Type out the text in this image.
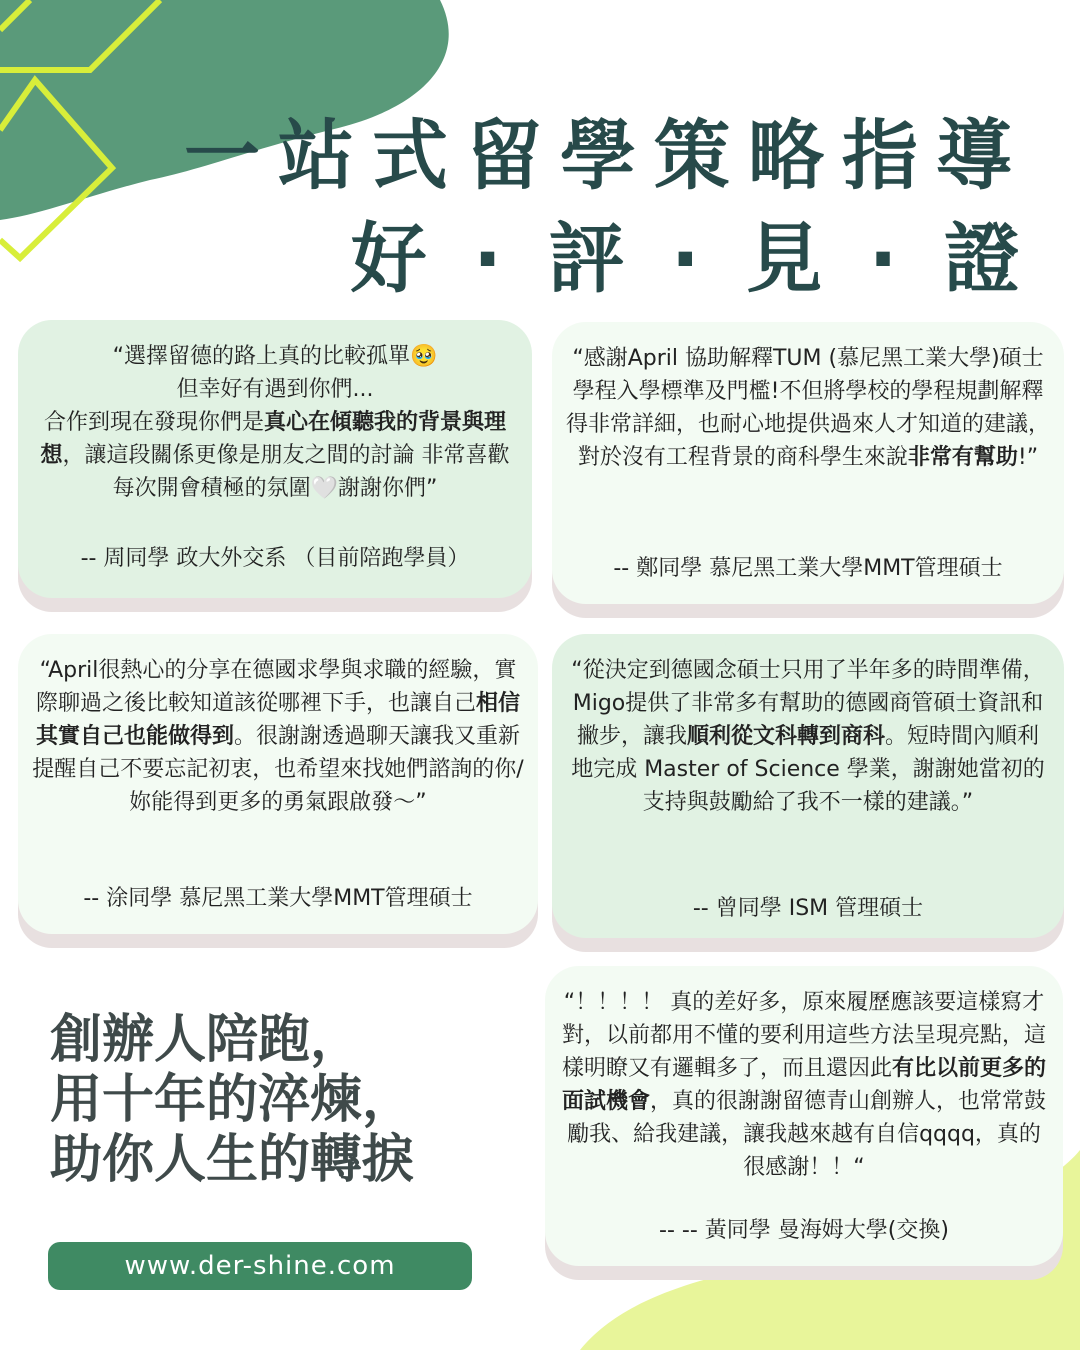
一站式留學策略指導
好 · 評 · 見 · 證
“選擇留德的路上真的比較孤單🥹
但幸好有遇到你們...
合作到現在發現你們是真心在傾聽我的背景與理想，讓這段關係更像是朋友之間的討論 非常喜歡每次開會積極的氛圍🤍謝謝你們”
-- 周同學 政大外交系 （目前陪跑學員）
“感謝April 協助解釋TUM (慕尼黑工業大學)碩士學程入學標準及門檻!不但將學校的學程規劃解釋得非常詳細，也耐心地提供過來人才知道的建議，對於沒有工程背景的商科學生來說非常有幫助!”
-- 鄭同學 慕尼黑工業大學MMT管理碩士
“April很熱心的分享在德國求學與求職的經驗，實際聊過之後比較知道該從哪裡下手，也讓自己相信其實自己也能做得到。很謝謝透過聊天讓我又重新提醒自己不要忘記初衷，也希望來找她們諮詢的你/妳能得到更多的勇氣跟啟發～”
-- 涂同學 慕尼黑工業大學MMT管理碩士
“從決定到德國念碩士只用了半年多的時間準備，Migo提供了非常多有幫助的德國商管碩士資訊和撇步，讓我順利從文科轉到商科。短時間內順利地完成 Master of Science 學業，謝謝她當初的支持與鼓勵給了我不一樣的建議。”
-- 曾同學 ISM 管理碩士
“！！！！ 真的差好多，原來履歷應該要這樣寫才對，以前都用不懂的要利用這些方法呈現亮點，這樣明瞭又有邏輯多了，而且還因此有比以前更多的面試機會，真的很謝謝留德青山創辦人，也常常鼓勵我、給我建議，讓我越來越有自信qqqq，真的很感謝！！“
-- -- 黃同學 曼海姆大學(交換)
創辦人陪跑，
用十年的淬煉，
助你人生的轉捩
www.der-shine.com
